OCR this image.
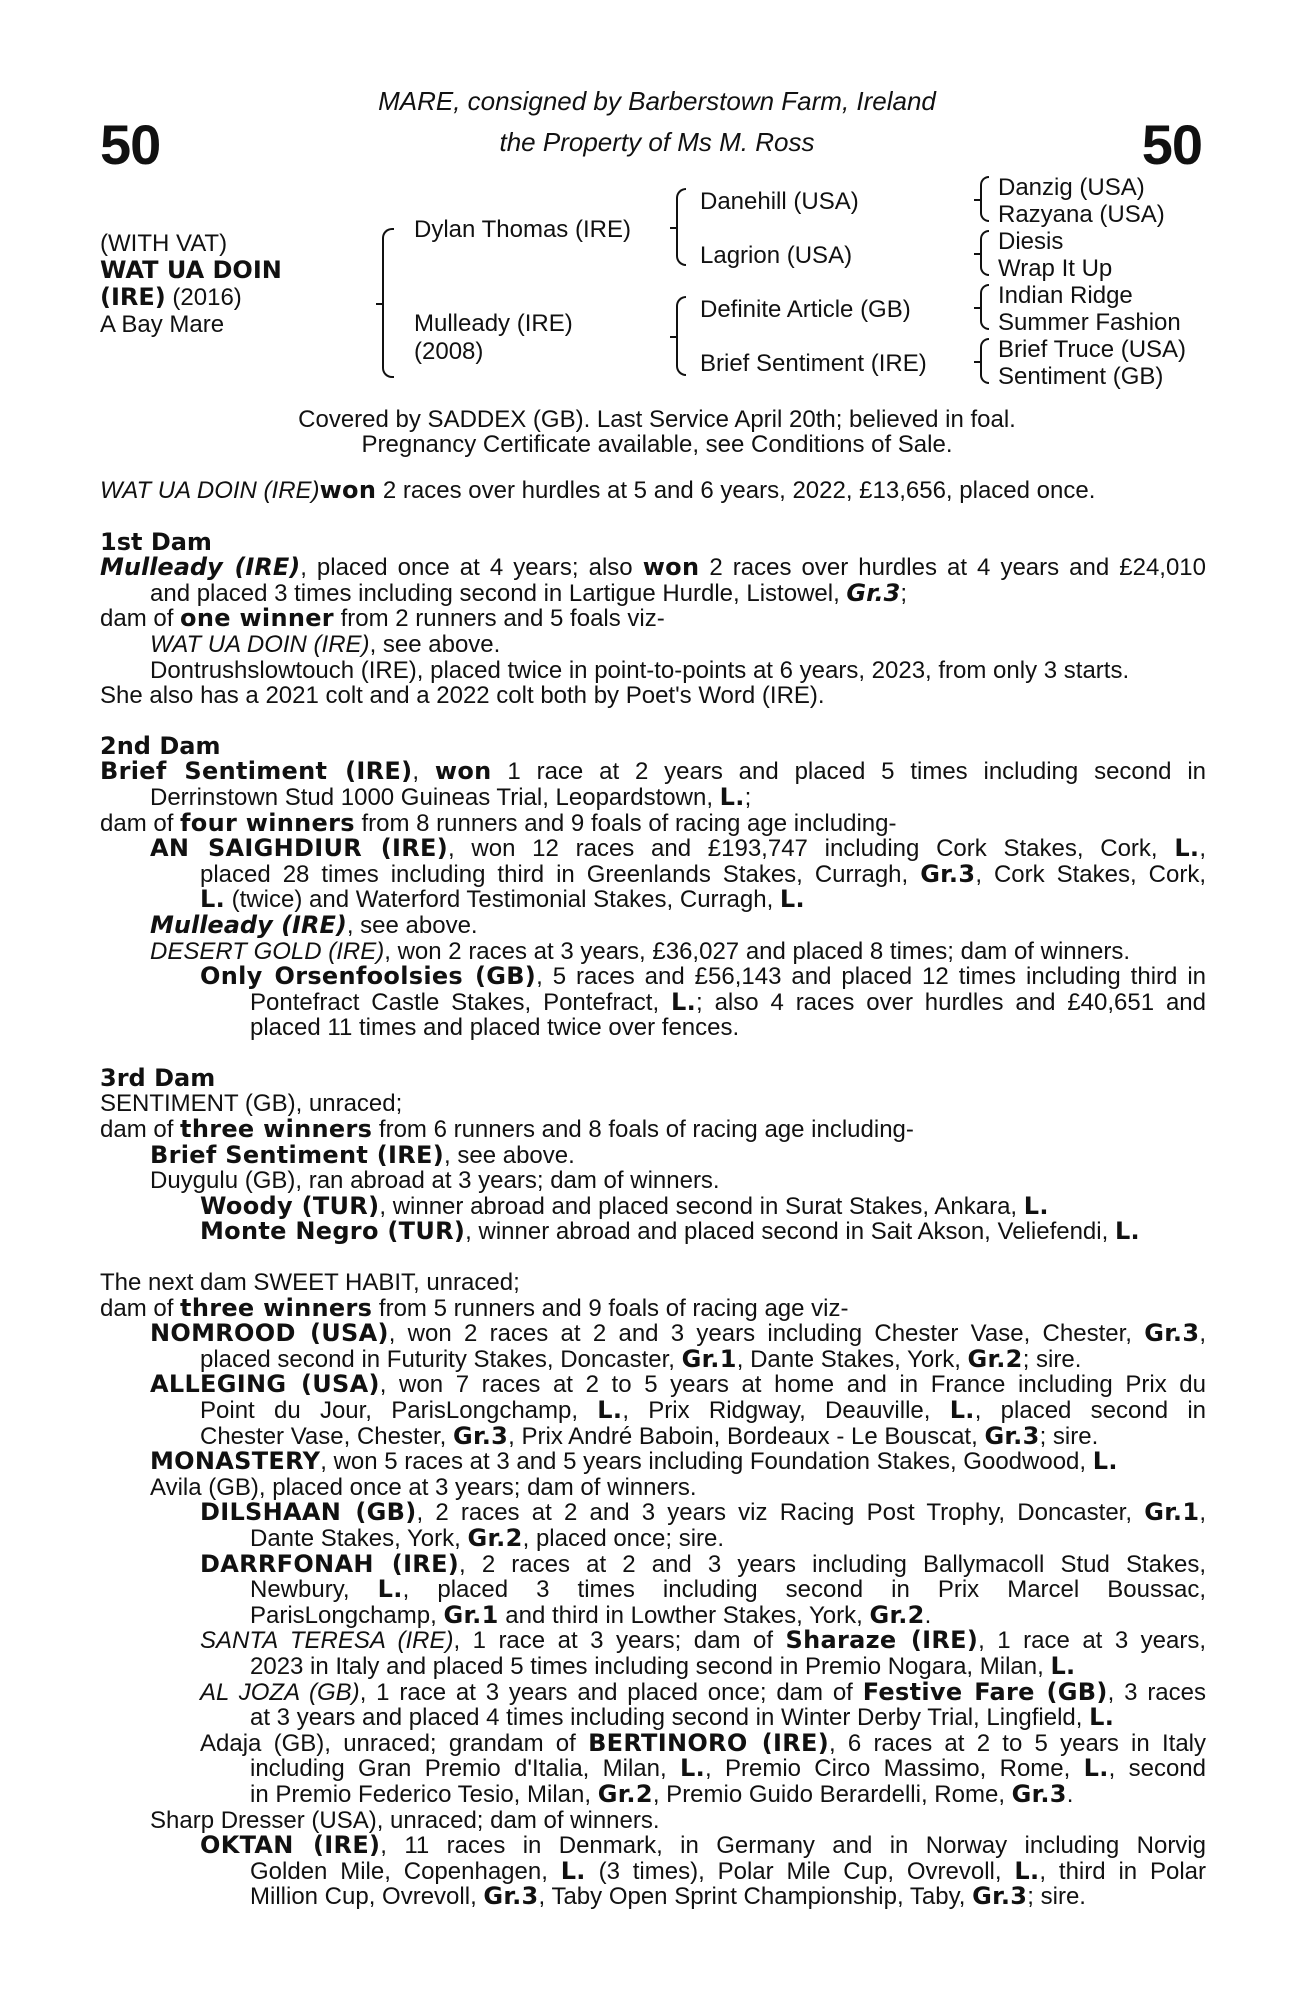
50	50
MARE, consigned by Barberstown Farm, Ireland
the Property of Ms M. Ross
(WITH VAT)
WAT UA DOIN
(IRE) (2016)
A Bay Mare
Dylan Thomas (IRE)
Mulleady (IRE)
(2008)
Danehill (USA)
Lagrion (USA)
Definite Article (GB)
Brief Sentiment (IRE)
Danzig (USA)
Razyana (USA)
Diesis
Wrap It Up
Indian Ridge
Summer Fashion
Brief Truce (USA)
Sentiment (GB)
Covered by SADDEX (GB). Last Service April 20th; believed in foal.
Pregnancy Certificate available, see Conditions of Sale.
WAT UA DOIN (IRE)won 2 races over hurdles at 5 and 6 years, 2022, £13,656, placed once.
1st Dam
Mulleady (IRE), placed once at 4 years; also won 2 races over hurdles at 4 years and £24,010
and placed 3 times including second in Lartigue Hurdle, Listowel, Gr.3;
dam of one winner from 2 runners and 5 foals viz-
WAT UA DOIN (IRE), see above.
Dontrushslowtouch (IRE), placed twice in point-to-points at 6 years, 2023, from only 3 starts.
She also has a 2021 colt and a 2022 colt both by Poet's Word (IRE).
2nd Dam
Brief Sentiment (IRE), won 1 race at 2 years and placed 5 times including second in
Derrinstown Stud 1000 Guineas Trial, Leopardstown, L.;
dam of four winners from 8 runners and 9 foals of racing age including-
AN SAIGHDIUR (IRE), won 12 races and £193,747 including Cork Stakes, Cork, L.,
placed 28 times including third in Greenlands Stakes, Curragh, Gr.3, Cork Stakes, Cork,
L. (twice) and Waterford Testimonial Stakes, Curragh, L.
Mulleady (IRE), see above.
DESERT GOLD (IRE), won 2 races at 3 years, £36,027 and placed 8 times; dam of winners.
Only Orsenfoolsies (GB), 5 races and £56,143 and placed 12 times including third in
Pontefract Castle Stakes, Pontefract, L.; also 4 races over hurdles and £40,651 and
placed 11 times and placed twice over fences.
3rd Dam
SENTIMENT (GB), unraced;
dam of three winners from 6 runners and 8 foals of racing age including-
Brief Sentiment (IRE), see above.
Duygulu (GB), ran abroad at 3 years; dam of winners.
Woody (TUR), winner abroad and placed second in Surat Stakes, Ankara, L.
Monte Negro (TUR), winner abroad and placed second in Sait Akson, Veliefendi, L.
The next dam SWEET HABIT, unraced;
dam of three winners from 5 runners and 9 foals of racing age viz-
NOMROOD (USA), won 2 races at 2 and 3 years including Chester Vase, Chester, Gr.3,
placed second in Futurity Stakes, Doncaster, Gr.1, Dante Stakes, York, Gr.2; sire.
ALLEGING (USA), won 7 races at 2 to 5 years at home and in France including Prix du
Point du Jour, ParisLongchamp, L., Prix Ridgway, Deauville, L., placed second in
Chester Vase, Chester, Gr.3, Prix André Baboin, Bordeaux - Le Bouscat, Gr.3; sire.
MONASTERY, won 5 races at 3 and 5 years including Foundation Stakes, Goodwood, L.
Avila (GB), placed once at 3 years; dam of winners.
DILSHAAN (GB), 2 races at 2 and 3 years viz Racing Post Trophy, Doncaster, Gr.1,
Dante Stakes, York, Gr.2, placed once; sire.
DARRFONAH (IRE), 2 races at 2 and 3 years including Ballymacoll Stud Stakes,
Newbury, L., placed 3 times including second in Prix Marcel Boussac,
ParisLongchamp, Gr.1 and third in Lowther Stakes, York, Gr.2.
SANTA TERESA (IRE), 1 race at 3 years; dam of Sharaze (IRE), 1 race at 3 years,
2023 in Italy and placed 5 times including second in Premio Nogara, Milan, L.
AL JOZA (GB), 1 race at 3 years and placed once; dam of Festive Fare (GB), 3 races
at 3 years and placed 4 times including second in Winter Derby Trial, Lingfield, L.
Adaja (GB), unraced; grandam of BERTINORO (IRE), 6 races at 2 to 5 years in Italy
including Gran Premio d'Italia, Milan, L., Premio Circo Massimo, Rome, L., second
in Premio Federico Tesio, Milan, Gr.2, Premio Guido Berardelli, Rome, Gr.3.
Sharp Dresser (USA), unraced; dam of winners.
OKTAN (IRE), 11 races in Denmark, in Germany and in Norway including Norvig
Golden Mile, Copenhagen, L. (3 times), Polar Mile Cup, Ovrevoll, L., third in Polar
Million Cup, Ovrevoll, Gr.3, Taby Open Sprint Championship, Taby, Gr.3; sire.
